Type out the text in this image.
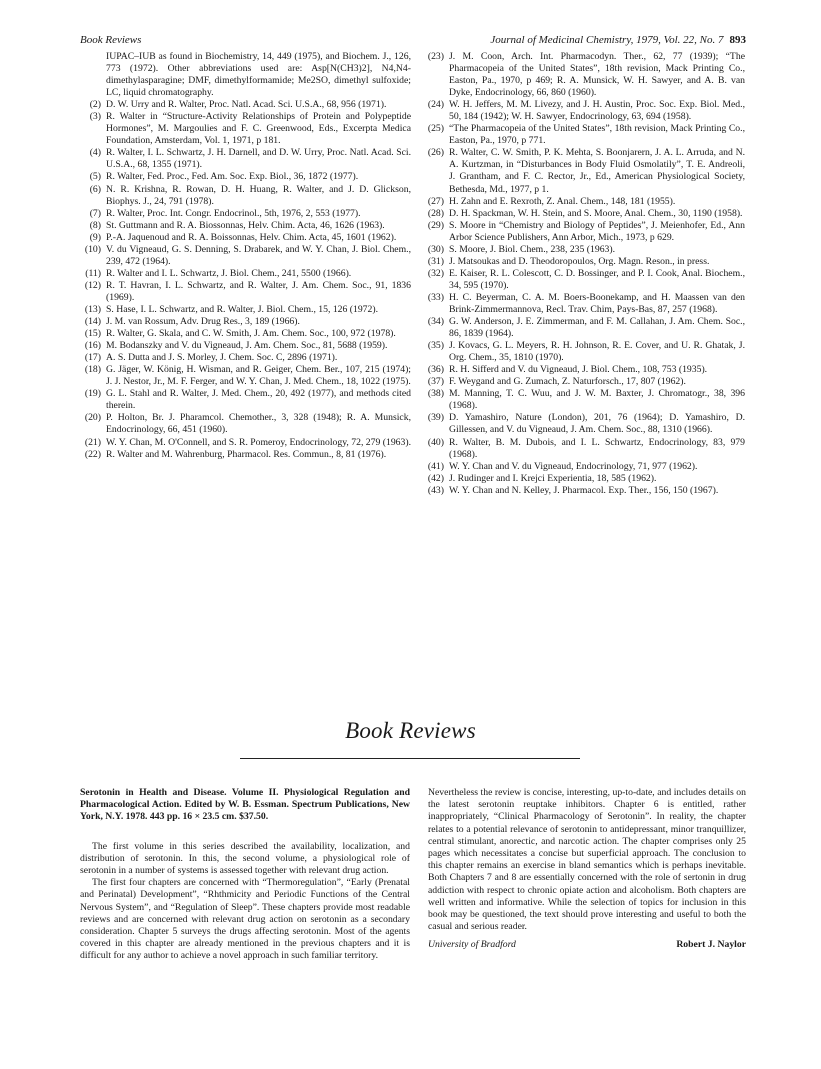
Book Reviews	Journal of Medicinal Chemistry, 1979, Vol. 22, No. 7 893
IUPAC–IUB as found in Biochemistry, 14, 449 (1975), and Biochem. J., 126, 773 (1972). Other abbreviations used are: Asp[N(CH3)2], N4,N4-dimethylasparagine; DMF, dimethylformamide; Me2SO, dimethyl sulfoxide; LC, liquid chromatography.
(2) D. W. Urry and R. Walter, Proc. Natl. Acad. Sci. U.S.A., 68, 956 (1971).
(3) R. Walter in “Structure-Activity Relationships of Protein and Polypeptide Hormones”, M. Margoulies and F. C. Greenwood, Eds., Excerpta Medica Foundation, Amsterdam, Vol. 1, 1971, p 181.
(4) R. Walter, I. L. Schwartz, J. H. Darnell, and D. W. Urry, Proc. Natl. Acad. Sci. U.S.A., 68, 1355 (1971).
(5) R. Walter, Fed. Proc., Fed. Am. Soc. Exp. Biol., 36, 1872 (1977).
(6) N. R. Krishna, R. Rowan, D. H. Huang, R. Walter, and J. D. Glickson, Biophys. J., 24, 791 (1978).
(7) R. Walter, Proc. Int. Congr. Endocrinol., 5th, 1976, 2, 553 (1977).
(8) St. Guttmann and R. A. Biossonnas, Helv. Chim. Acta, 46, 1626 (1963).
(9) P.-A. Jaquenoud and R. A. Boissonnas, Helv. Chim. Acta, 45, 1601 (1962).
(10) V. du Vigneaud, G. S. Denning, S. Drabarek, and W. Y. Chan, J. Biol. Chem., 239, 472 (1964).
(11) R. Walter and I. L. Schwartz, J. Biol. Chem., 241, 5500 (1966).
(12) R. T. Havran, I. L. Schwartz, and R. Walter, J. Am. Chem. Soc., 91, 1836 (1969).
(13) S. Hase, I. L. Schwartz, and R. Walter, J. Biol. Chem., 15, 126 (1972).
(14) J. M. van Rossum, Adv. Drug Res., 3, 189 (1966).
(15) R. Walter, G. Skala, and C. W. Smith, J. Am. Chem. Soc., 100, 972 (1978).
(16) M. Bodanszky and V. du Vigneaud, J. Am. Chem. Soc., 81, 5688 (1959).
(17) A. S. Dutta and J. S. Morley, J. Chem. Soc. C, 2896 (1971).
(18) G. Jäger, W. König, H. Wisman, and R. Geiger, Chem. Ber., 107, 215 (1974); J. J. Nestor, Jr., M. F. Ferger, and W. Y. Chan, J. Med. Chem., 18, 1022 (1975).
(19) G. L. Stahl and R. Walter, J. Med. Chem., 20, 492 (1977), and methods cited therein.
(20) P. Holton, Br. J. Pharamcol. Chemother., 3, 328 (1948); R. A. Munsick, Endocrinology, 66, 451 (1960).
(21) W. Y. Chan, M. O'Connell, and S. R. Pomeroy, Endocrinology, 72, 279 (1963).
(22) R. Walter and M. Wahrenburg, Pharmacol. Res. Commun., 8, 81 (1976).
(23) J. M. Coon, Arch. Int. Pharmacodyn. Ther., 62, 77 (1939); “The Pharmacopeia of the United States”, 18th revision, Mack Printing Co., Easton, Pa., 1970, p 469; R. A. Munsick, W. H. Sawyer, and A. B. van Dyke, Endocrinology, 66, 860 (1960).
(24) W. H. Jeffers, M. M. Livezy, and J. H. Austin, Proc. Soc. Exp. Biol. Med., 50, 184 (1942); W. H. Sawyer, Endocrinology, 63, 694 (1958).
(25) “The Pharmacopeia of the United States”, 18th revision, Mack Printing Co., Easton, Pa., 1970, p 771.
(26) R. Walter, C. W. Smith, P. K. Mehta, S. Boonjarern, J. A. L. Arruda, and N. A. Kurtzman, in “Disturbances in Body Fluid Osmolatily”, T. E. Andreoli, J. Grantham, and F. C. Rector, Jr., Ed., American Physiological Society, Bethesda, Md., 1977, p 1.
(27) H. Zahn and E. Rexroth, Z. Anal. Chem., 148, 181 (1955).
(28) D. H. Spackman, W. H. Stein, and S. Moore, Anal. Chem., 30, 1190 (1958).
(29) S. Moore in “Chemistry and Biology of Peptides”, J. Meienhofer, Ed., Ann Arbor Science Publishers, Ann Arbor, Mich., 1973, p 629.
(30) S. Moore, J. Biol. Chem., 238, 235 (1963).
(31) J. Matsoukas and D. Theodoropoulos, Org. Magn. Reson., in press.
(32) E. Kaiser, R. L. Colescott, C. D. Bossinger, and P. I. Cook, Anal. Biochem., 34, 595 (1970).
(33) H. C. Beyerman, C. A. M. Boers-Boonekamp, and H. Maassen van den Brink-Zimmermannova, Recl. Trav. Chim, Pays-Bas, 87, 257 (1968).
(34) G. W. Anderson, J. E. Zimmerman, and F. M. Callahan, J. Am. Chem. Soc., 86, 1839 (1964).
(35) J. Kovacs, G. L. Meyers, R. H. Johnson, R. E. Cover, and U. R. Ghatak, J. Org. Chem., 35, 1810 (1970).
(36) R. H. Sifferd and V. du Vigneaud, J. Biol. Chem., 108, 753 (1935).
(37) F. Weygand and G. Zumach, Z. Naturforsch., 17, 807 (1962).
(38) M. Manning, T. C. Wuu, and J. W. M. Baxter, J. Chromatogr., 38, 396 (1968).
(39) D. Yamashiro, Nature (London), 201, 76 (1964); D. Yamashiro, D. Gillessen, and V. du Vigneaud, J. Am. Chem. Soc., 88, 1310 (1966).
(40) R. Walter, B. M. Dubois, and I. L. Schwartz, Endocrinology, 83, 979 (1968).
(41) W. Y. Chan and V. du Vigneaud, Endocrinology, 71, 977 (1962).
(42) J. Rudinger and I. Krejci Experientia, 18, 585 (1962).
(43) W. Y. Chan and N. Kelley, J. Pharmacol. Exp. Ther., 156, 150 (1967).
Book Reviews

Serotonin in Health and Disease. Volume II. Physiological Regulation and Pharmacological Action. Edited by W. B. Essman. Spectrum Publications, New York, N.Y. 1978. 443 pp. 16 × 23.5 cm. $37.50.

The first volume in this series described the availability, localization, and distribution of serotonin. In this, the second volume, a physiological role of serotonin in a number of systems is assessed together with relevant drug action.

The first four chapters are concerned with “Thermoregulation”, “Early (Prenatal and Perinatal) Development”, “Rhthmicity and Periodic Functions of the Central Nervous System”, and “Regulation of Sleep”. These chapters provide most readable reviews and are concerned with relevant drug action on serotonin as a secondary consideration. Chapter 5 surveys the drugs affecting serotonin. Most of the agents covered in this chapter are already mentioned in the previous chapters and it is difficult for any author to achieve a novel approach in such familiar territory.

Nevertheless the review is concise, interesting, up-to-date, and includes details on the latest serotonin reuptake inhibitors. Chapter 6 is entitled, rather inappropriately, “Clinical Pharmacology of Serotonin”. In reality, the chapter relates to a potential relevance of serotonin to antidepressant, minor tranquillizer, central stimulant, anorectic, and narcotic action. The chapter comprises only 25 pages which necessitates a concise but superficial approach. The conclusion to this chapter remains an exercise in bland semantics which is perhaps inevitable. Both Chapters 7 and 8 are essentially concerned with the role of sertonin in drug addiction with respect to chronic opiate action and alcoholism. Both chapters are well written and informative. While the selection of topics for inclusion in this book may be questioned, the text should prove interesting and useful to both the casual and serious reader.

University of Bradford	Robert J. Naylor
